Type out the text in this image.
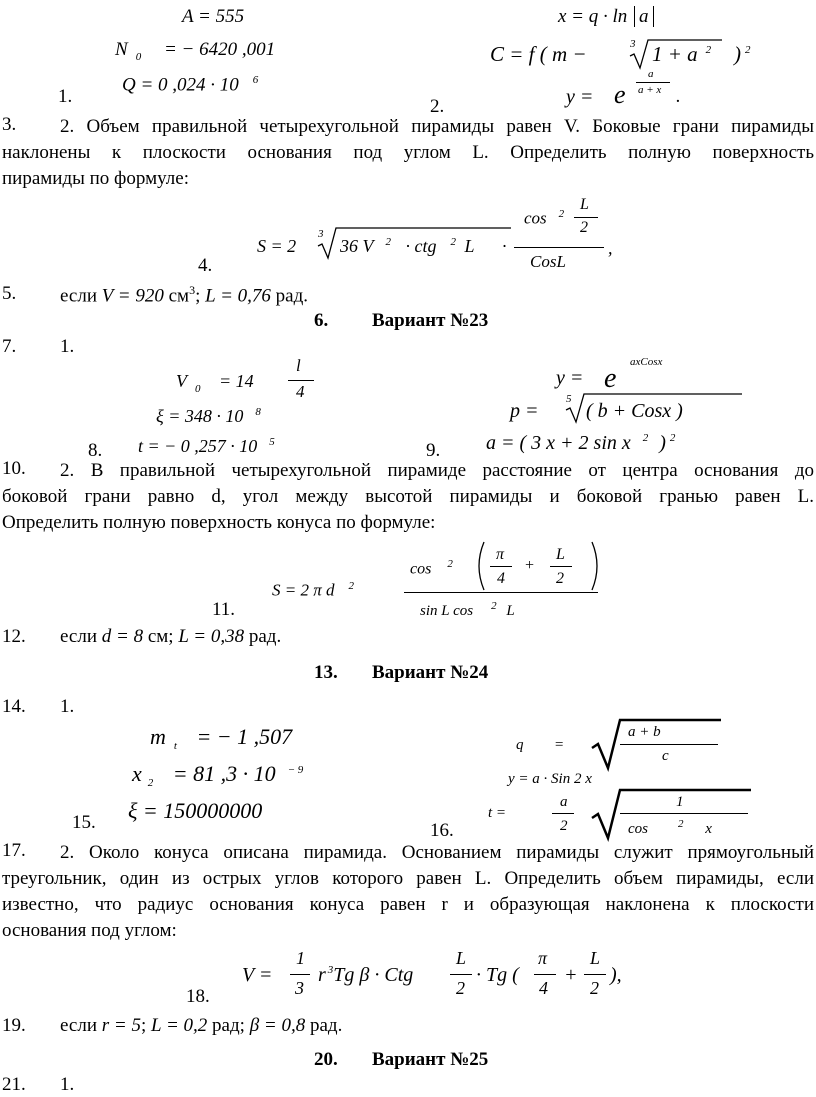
A = 555
N $_0$ = − 6420 ,001
1.
Q = 0 ,024 · 10 $^6$
2.
x = q · ln a
C = f ( m −	3 1 + a $^2$ ) $^2$
y = e
a
a + x .
3.	2. Объем правильной четырехугольной пирамиды равен V. Боковые грани пирамиды
наклонены к плоскости основания под углом L. Определить полную поверхность
пирамиды по формуле:
4.
S = 2
3
36 V $^2$ · ctg $^2$ L ·
cos $^2$
L
2
CosL
,
5. если V = 920 $см^3$; L = 0,76 рад.
6. Вариант №23
7. 1.
V $_0$ = 14
l
4
ξ = 348 · 10 $^8$
8. t = − 0 ,257 · 10 $^5$	9.
y = e
axCosx
p =
5
( b + Cosx )
a = ( 3 x + 2 sin x $^2$ ) $^2$
10.	2. В правильной четырехугольной пирамиде расстояние от центра основания до
боковой грани равно d, угол между высотой пирамиды и боковой гранью равен L.
Определить полную поверхность конуса по формуле:
11.
S = 2 π d $^2$
cos $^2$
π
4
+
L
2
sin L cos $^2$ L
12. если d = 8 см; L = 0,38 рад.
13. Вариант №24
14. 1.
m $_t$ = − 1 ,507
x $_2$ = 81 ,3 · 10 $^{- 9}$
15. ξ = 150000000
16.
q =
a + b
c
y = a · Sin 2 x
t =
a
2
1
cos	$^2$ x
17.	2. Около конуса описана пирамида. Основанием пирамиды служит прямоугольный
треугольник, один из острых углов которого равен L. Определить объем пирамиды, если
известно, что радиус основания конуса равен r и образующая наклонена к плоскости
основания под углом:
18.
V =
1
3
r $^3$Tg β · Ctg
L
2
· Tg (
π
4
+
L
2
),
19. если r = 5; L = 0,2 рад; β = 0,8 рад.
20. Вариант №25
21. 1.
